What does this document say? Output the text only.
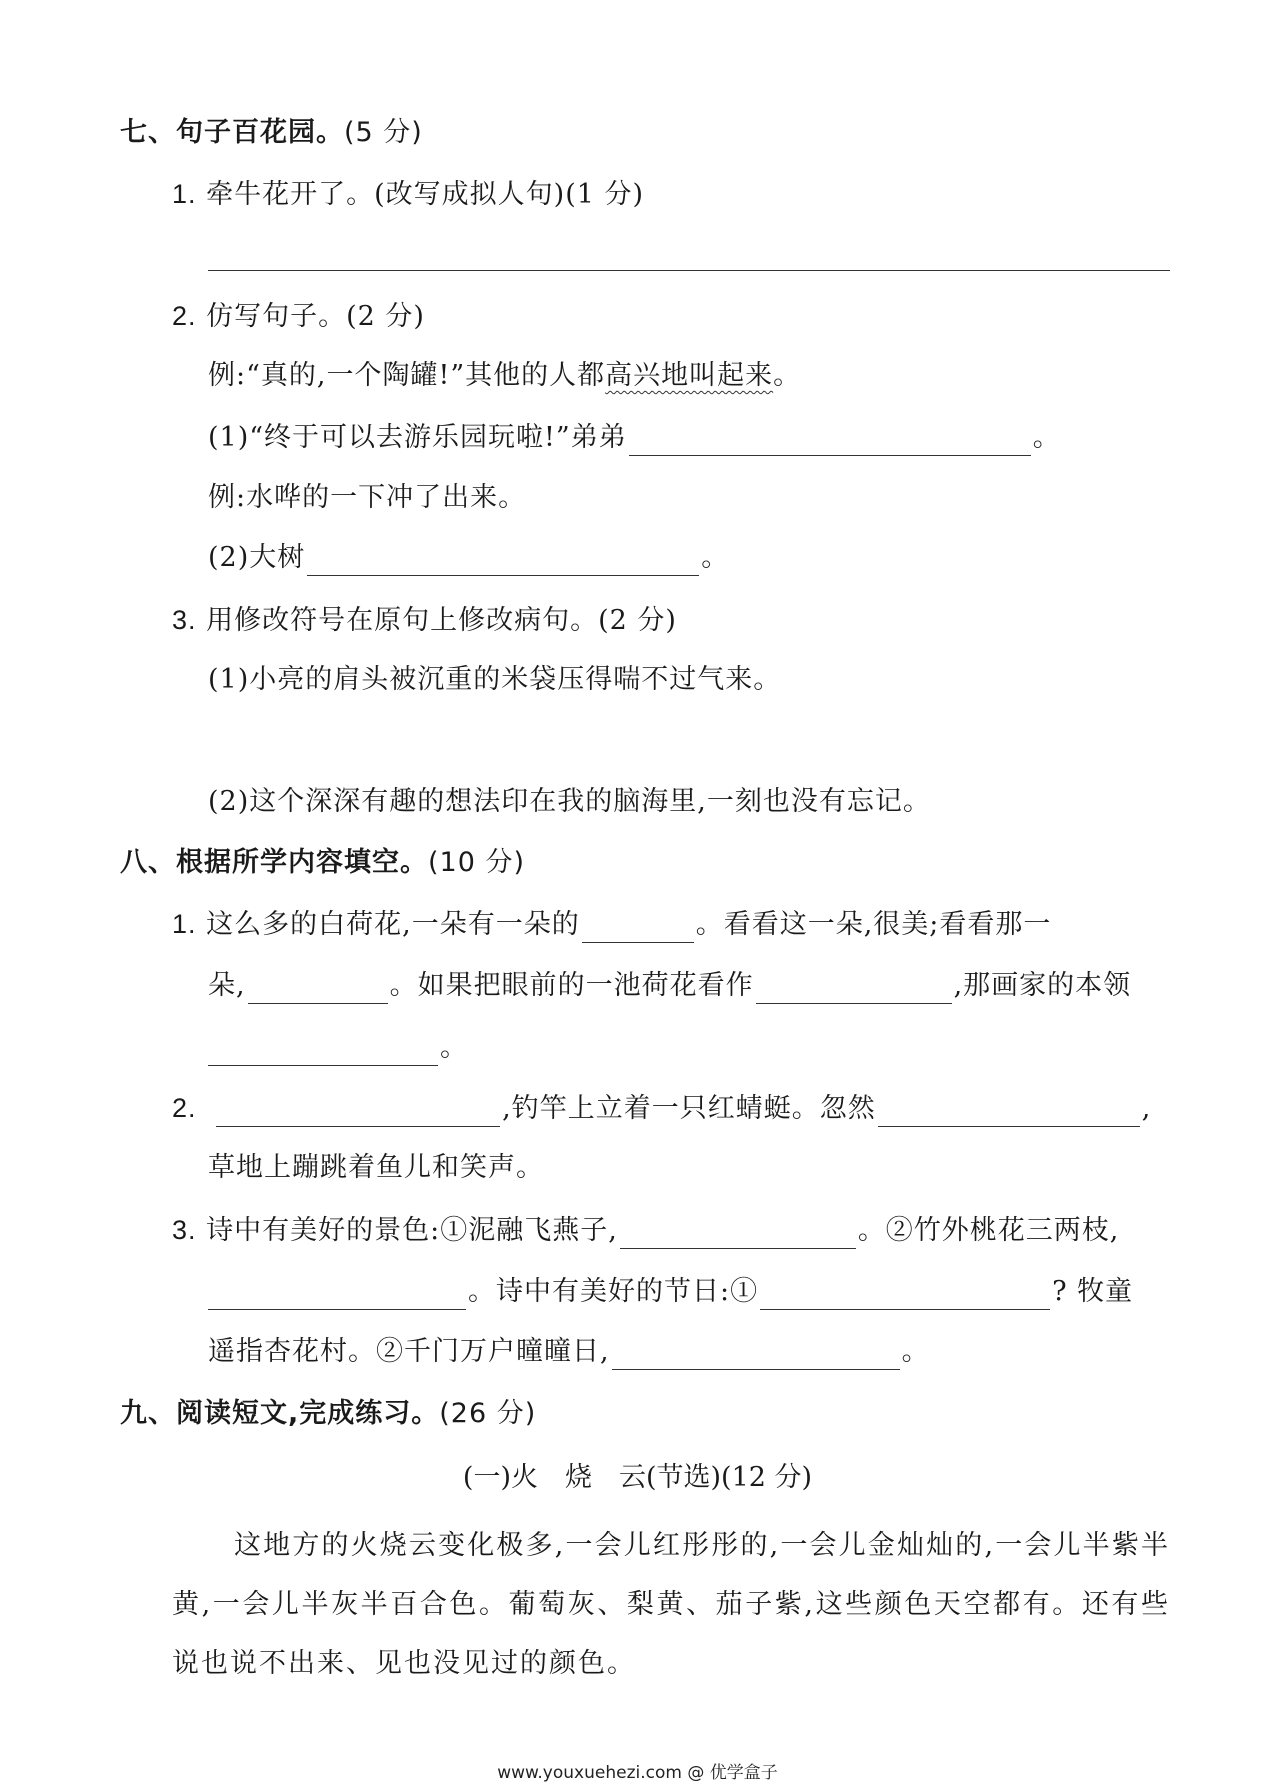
七、句子百花园。(5 分)
1. 牵牛花开了。(改写成拟人句)(1 分)
2. 仿写句子。(2 分)
例:“真的,一个陶罐!”其他的人都高兴地叫起来。
(1)“终于可以去游乐园玩啦!”弟弟	。
例:水哗的一下冲了出来。
(2)大树	。
3. 用修改符号在原句上修改病句。(2 分)
(1)小亮的肩头被沉重的米袋压得喘不过气来。
(2)这个深深有趣的想法印在我的脑海里,一刻也没有忘记。
八、根据所学内容填空。(10 分)
1. 这么多的白荷花,一朵有一朵的	。看看这一朵,很美;看看那一
朵,	。如果把眼前的一池荷花看作	,那画家的本领
。
2.	,钓竿上立着一只红蜻蜓。忽然	,
草地上蹦跳着鱼儿和笑声。
3. 诗中有美好的景色:①泥融飞燕子,	。②竹外桃花三两枝,
。诗中有美好的节日:①	? 牧童
遥指杏花村。②千门万户曈曈日,	。
九、阅读短文,完成练习。(26 分)
(一)火　烧　云(节选)(12 分)
这地方的火烧云变化极多,一会儿红彤彤的,一会儿金灿灿的,一会儿半紫半黄,一会儿半灰半百合色。葡萄灰、梨黄、茄子紫,这些颜色天空都有。还有些说也说不出来、见也没见过的颜色。
www.youxuehezi.com @ 优学盒子
